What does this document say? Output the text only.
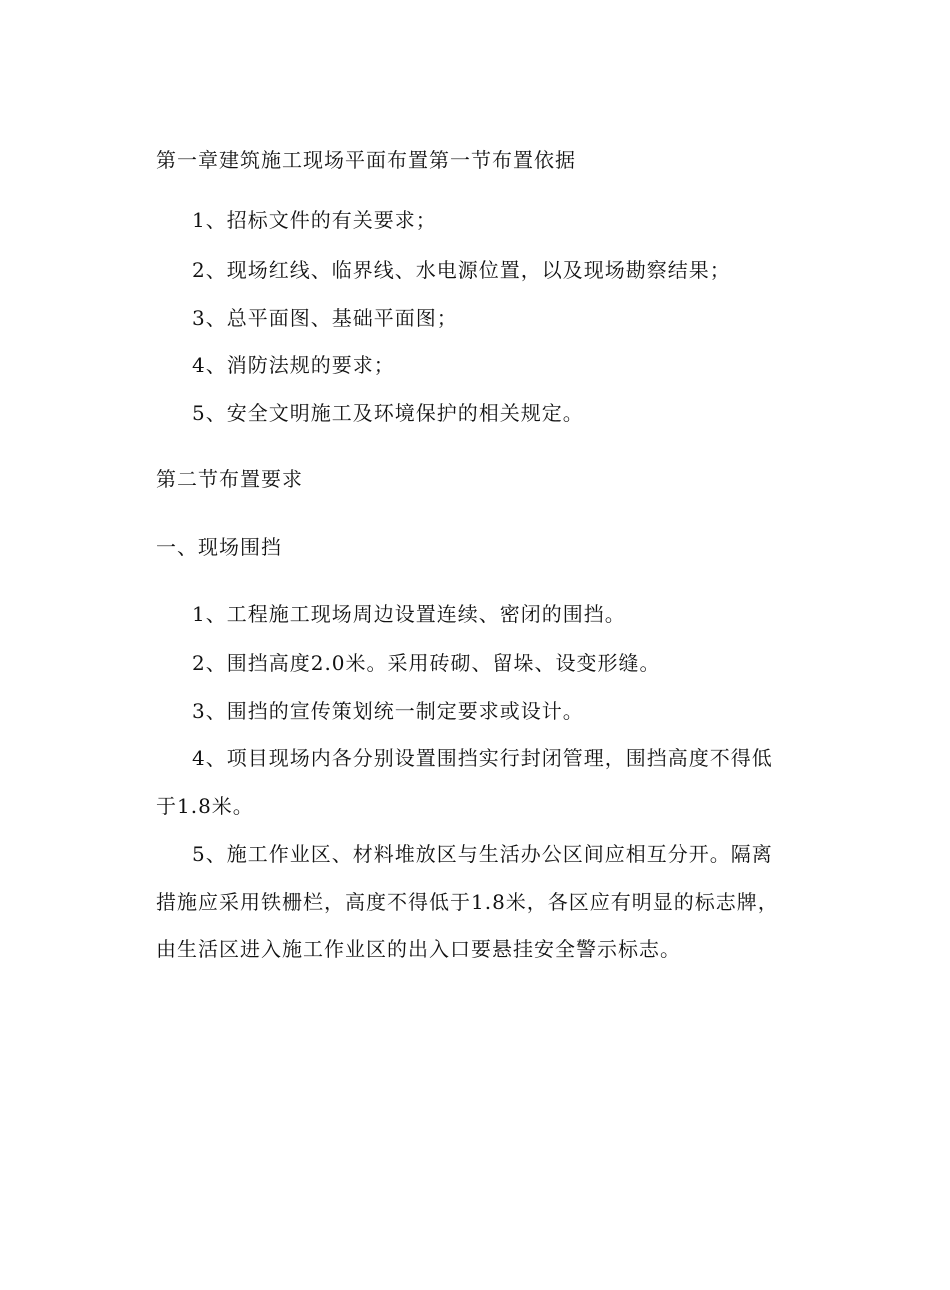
第一章建筑施工现场平面布置第一节布置依据
1、招标文件的有关要求；
2、现场红线、临界线、水电源位置，以及现场勘察结果；
3、总平面图、基础平面图；
4、消防法规的要求；
5、安全文明施工及环境保护的相关规定。
第二节布置要求
一、现场围挡
1、工程施工现场周边设置连续、密闭的围挡。
2、围挡高度2.0米。采用砖砌、留垛、设变形缝。
3、围挡的宣传策划统一制定要求或设计。
4、项目现场内各分别设置围挡实行封闭管理，围挡高度不得低
于1.8米。
5、施工作业区、材料堆放区与生活办公区间应相互分开。隔离
措施应采用铁栅栏，高度不得低于1.8米，各区应有明显的标志牌，
由生活区进入施工作业区的出入口要悬挂安全警示标志。
